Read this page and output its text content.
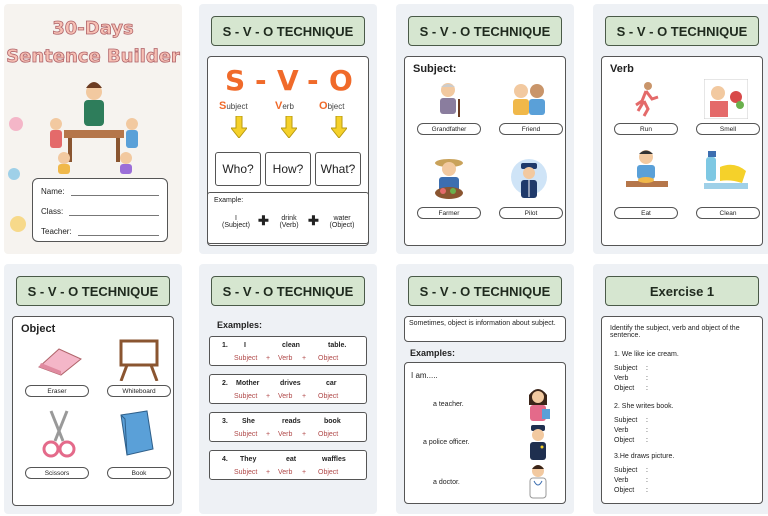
30-Days
Sentence Builder
Name:
Class:
Teacher:
S - V - O TECHNIQUE
S - V - O
Subject Verb Object
Who?	How?	What?
Example:
I
(Subject) ✚	drink
(Verb) ✚	water
(Object)
S - V - O TECHNIQUE
Subject:
Grandfather	Friend
Farmer	Pilot
S - V - O TECHNIQUE
Verb
Run	Smell
Eat	Clean
S - V - O TECHNIQUE
Object
Eraser	Whiteboard
Scissors	Book
S - V - O TECHNIQUE
Examples:
1. I	clean	table.
Subject + Verb + Object
2. Mother	drives	car
Subject + Verb + Object
3. She	reads	book
Subject + Verb + Object
4. They	eat	waffles
Subject + Verb + Object
S - V - O TECHNIQUE
Sometimes, object is information about subject.
Examples:
I am.....
a teacher.
a police officer.
a doctor.
Exercise 1
Identify the subject, verb and object of the sentence.
1. We like ice cream.
Subject :
Verb	:
Object :
2. She writes book.
Subject :
Verb	:
Object :
3.He draws picture.
Subject :
Verb	:
Object :
